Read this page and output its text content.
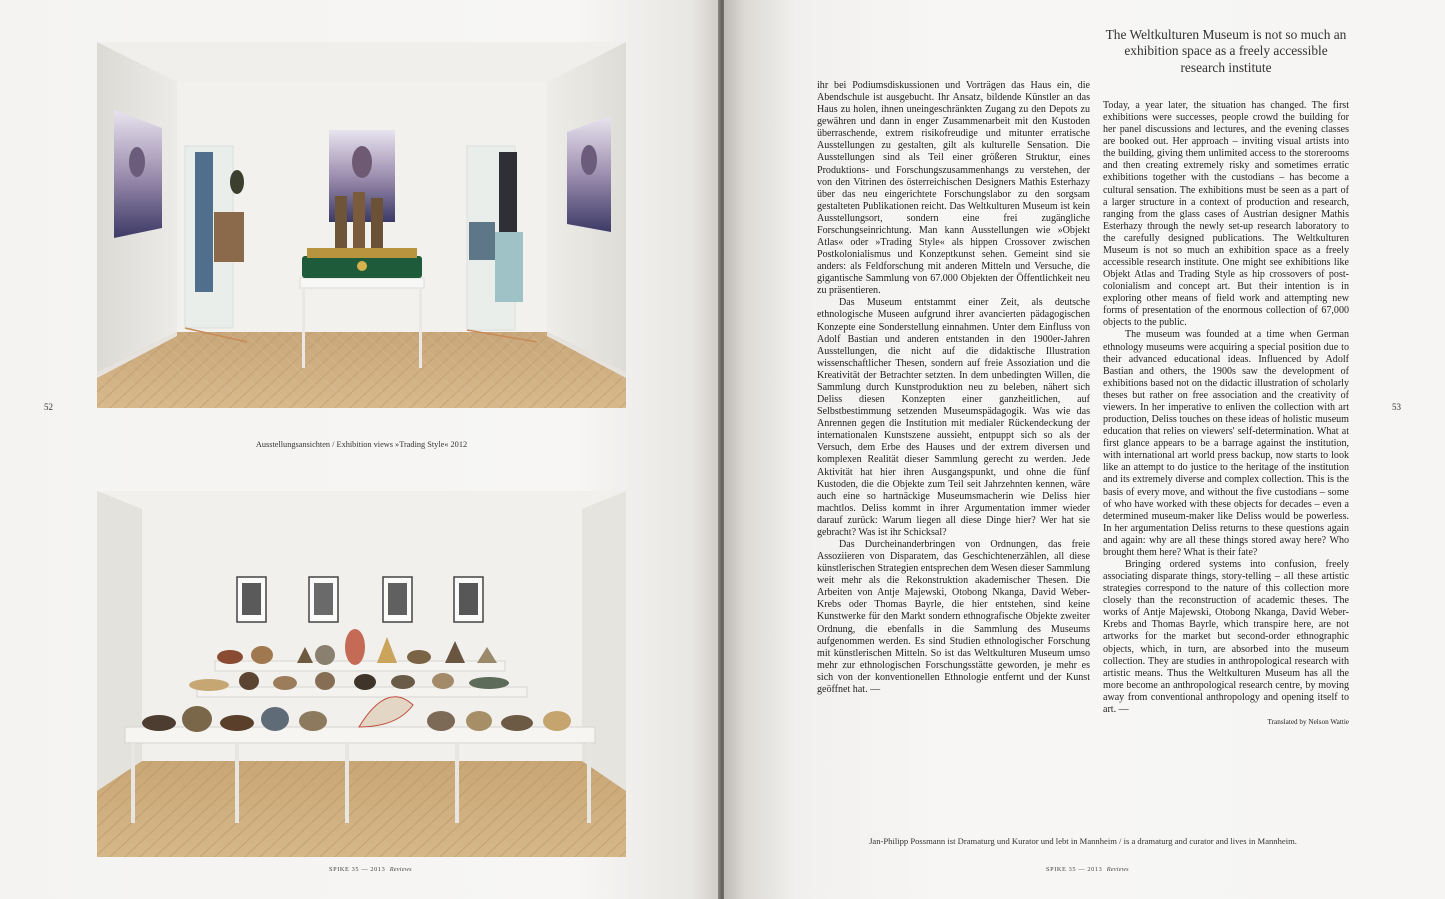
52
Ausstellungsansichten / Exhibition views »Trading Style« 2012
SPIKE 35 — 2013 Reviews
The Weltkulturen Museum is not so much an exhibition space as a freely accessible research institute

ihr bei Podiumsdiskussionen und Vorträgen das Haus ein, die Abendschule ist ausgebucht. Ihr Ansatz, bildende Künstler an das Haus zu holen, ihnen uneingeschränkten Zugang zu den Depots zu gewähren und dann in enger Zusammenarbeit mit den Kustoden überraschende, extrem risikofreudige und mitunter erratische Ausstellungen zu gestalten, gilt als kulturelle Sensation. Die Ausstellungen sind als Teil einer größeren Struktur, eines Produktions- und Forschungszusammenhangs zu verstehen, der von den Vitrinen des österreichischen Designers Mathis Esterhazy über das neu eingerichtete Forschungslabor zu den sorgsam gestalteten Publikationen reicht. Das Weltkulturen Museum ist kein Ausstellungsort, sondern eine frei zugängliche Forschungseinrichtung. Man kann Ausstellungen wie »Objekt Atlas« oder »Trading Style« als hippen Crossover zwischen Postkolonialismus und Konzeptkunst sehen. Gemeint sind sie anders: als Feldforschung mit anderen Mitteln und Versuche, die gigantische Sammlung von 67.000 Objekten der Öffentlichkeit neu zu präsentieren.

Das Museum entstammt einer Zeit, als deutsche ethnologische Museen aufgrund ihrer avancierten pädagogischen Konzepte eine Sonderstellung einnahmen. Unter dem Einfluss von Adolf Bastian und anderen entstanden in den 1900er-Jahren Ausstellungen, die nicht auf die didaktische Illustration wissenschaftlicher Thesen, sondern auf freie Assoziation und die Kreativität der Betrachter setzten. In dem unbedingten Willen, die Sammlung durch Kunstproduktion neu zu beleben, nähert sich Deliss diesen Konzepten einer ganzheitlichen, auf Selbstbestimmung setzenden Museumspädagogik. Was wie das Anrennen gegen die Institution mit medialer Rückendeckung der internationalen Kunstszene aussieht, entpuppt sich so als der Versuch, dem Erbe des Hauses und der extrem diversen und komplexen Realität dieser Sammlung gerecht zu werden. Jede Aktivität hat hier ihren Ausgangspunkt, und ohne die fünf Kustoden, die die Objekte zum Teil seit Jahrzehnten kennen, wäre auch eine so hartnäckige Museumsmacherin wie Deliss hier machtlos. Deliss kommt in ihrer Argumentation immer wieder darauf zurück: Warum liegen all diese Dinge hier? Wer hat sie gebracht? Was ist ihr Schicksal?

Das Durcheinanderbringen von Ordnungen, das freie Assoziieren von Disparatem, das Geschichtenerzählen, all diese künstlerischen Strategien entsprechen dem Wesen dieser Sammlung weit mehr als die Rekonstruktion akademischer Thesen. Die Arbeiten von Antje Majewski, Otobong Nkanga, David Weber-Krebs oder Thomas Bayrle, die hier entstehen, sind keine Kunstwerke für den Markt sondern ethnografische Objekte zweiter Ordnung, die ebenfalls in die Sammlung des Museums aufgenommen werden. Es sind Studien ethnologischer Forschung mit künstlerischen Mitteln. So ist das Weltkulturen Museum umso mehr zur ethnologischen Forschungsstätte geworden, je mehr es sich von der konventionellen Ethnologie entfernt und der Kunst geöffnet hat. —

Today, a year later, the situation has changed. The first exhibitions were successes, people crowd the building for her panel discussions and lectures, and the evening classes are booked out. Her approach – inviting visual artists into the building, giving them unlimited access to the storerooms and then creating extremely risky and sometimes erratic exhibitions together with the custodians – has become a cultural sensation. The exhibitions must be seen as a part of a larger structure in a context of production and research, ranging from the glass cases of Austrian designer Mathis Esterhazy through the newly set-up research laboratory to the carefully designed publications. The Weltkulturen Museum is not so much an exhibition space as a freely accessible research institute. One might see exhibitions like Objekt Atlas and Trading Style as hip crossovers of post-colonialism and concept art. But their intention is in exploring other means of field work and attempting new forms of presentation of the enormous collection of 67,000 objects to the public.

The museum was founded at a time when German ethnology museums were acquiring a special position due to their advanced educational ideas. Influenced by Adolf Bastian and others, the 1900s saw the development of exhibitions based not on the didactic illustration of scholarly theses but rather on free association and the creativity of viewers. In her imperative to enliven the collection with art production, Deliss touches on these ideas of holistic museum education that relies on viewers' self-determination. What at first glance appears to be a barrage against the institution, with international art world press backup, now starts to look like an attempt to do justice to the heritage of the institution and its extremely diverse and complex collection. This is the basis of every move, and without the five custodians – some of who have worked with these objects for decades – even a determined museum-maker like Deliss would be powerless. In her argumentation Deliss returns to these questions again and again: why are all these things stored away here? Who brought them here? What is their fate?

Bringing ordered systems into confusion, freely associating disparate things, story-telling – all these artistic strategies correspond to the nature of this collection more closely than the reconstruction of academic theses. The works of Antje Majewski, Otobong Nkanga, David Weber-Krebs and Thomas Bayrle, which transpire here, are not artworks for the market but second-order ethnographic objects, which, in turn, are absorbed into the museum collection. They are studies in anthropological research with artistic means. Thus the Weltkulturen Museum has all the more become an anthropological research centre, by moving away from conventional anthropology and opening itself to art. —

Translated by Nelson Wattie

53
Jan-Philipp Possmann ist Dramaturg und Kurator und lebt in Mannheim / is a dramaturg and curator and lives in Mannheim.
SPIKE 35 — 2013 Reviews
